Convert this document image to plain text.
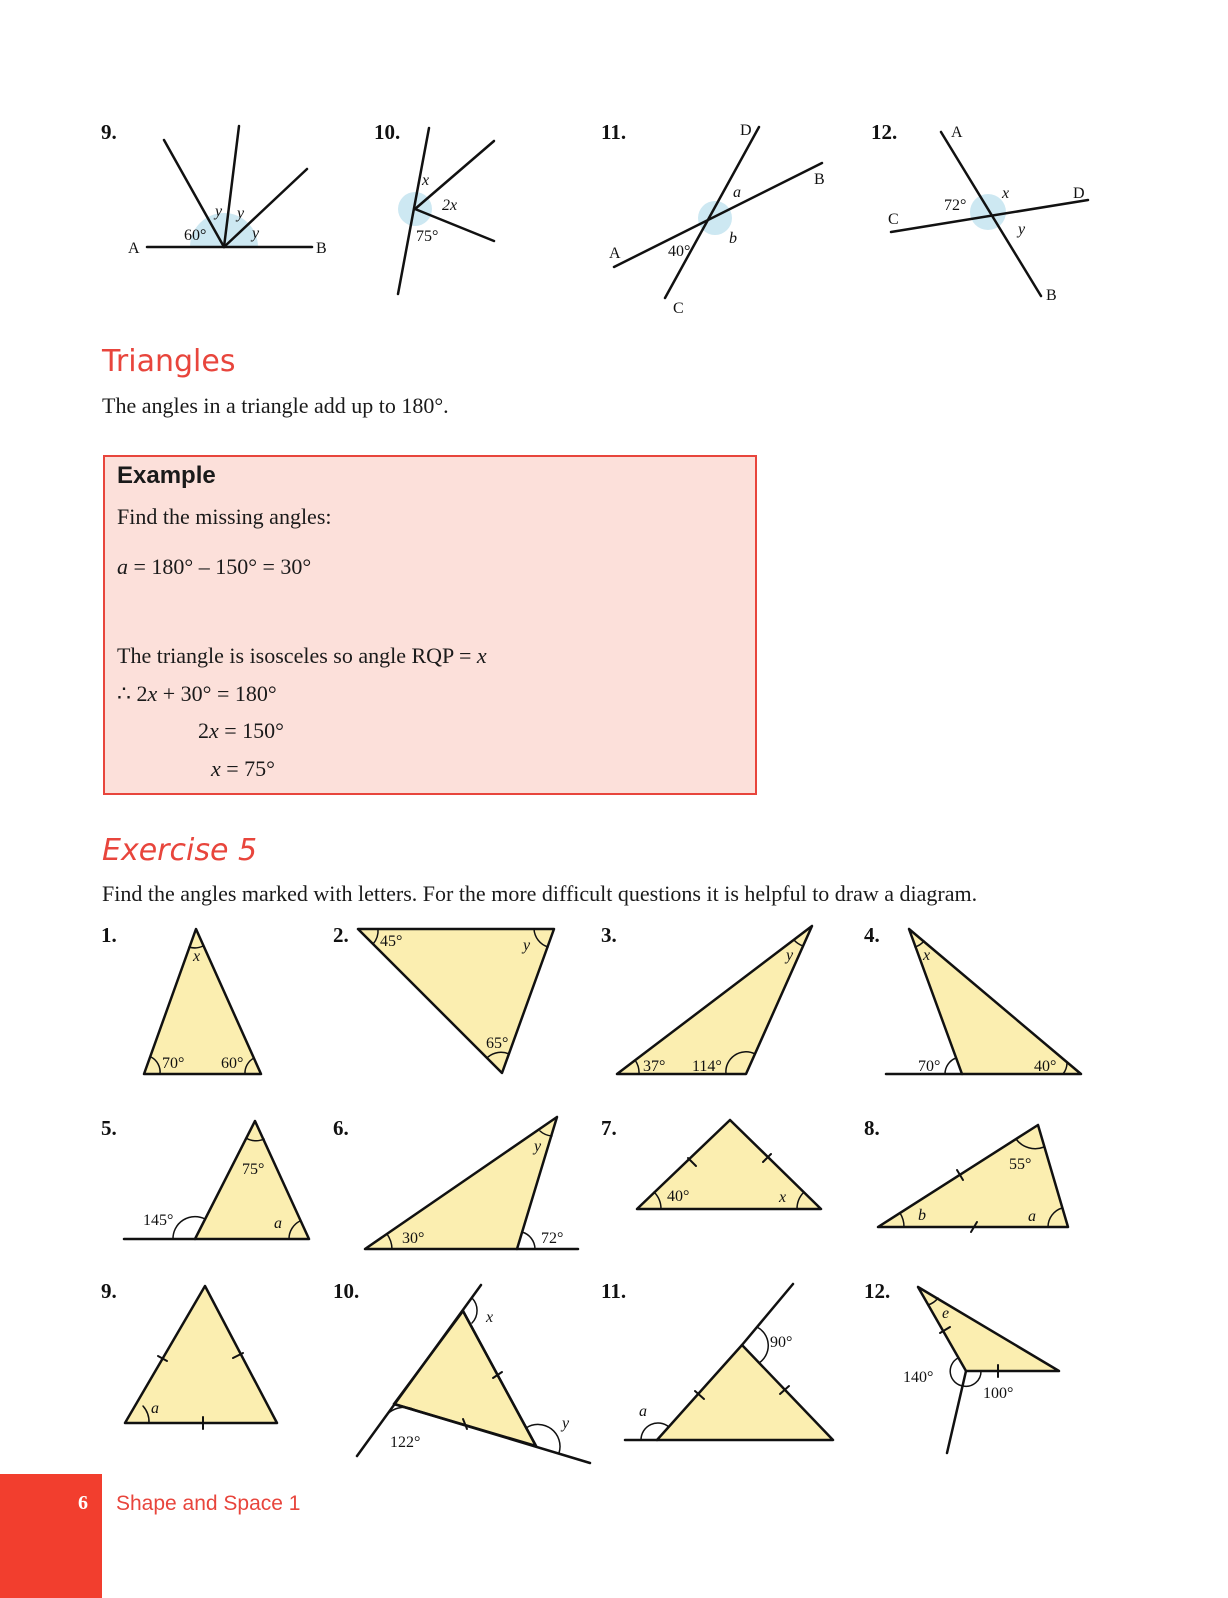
9.
A	B
60°
y y
y
10.
x
2x
75°
11.	D
B
A
C
a
b
40°
12.	A
D
C
B
72°
x
y
1.
x
70° 60°
2. 45°	y
65°
3.
37°
y
114°
4.
x
70°	40°
5.
75°
a
145°
6.
30°
y
72°
7.
40°	x
8.
55°
b	a
9.
a
10.
x
122°
y
11.
90°
a
12.
e
140°
100°
Triangles
The angles in a triangle add up to 180°.
Example
Find the missing angles:
a = 180° – 150° = 30°
The triangle is isosceles so angle RQP = x
∴ 2x + 30° = 180°
2x = 150°
x = 75°
Exercise 5
Find the angles marked with letters. For the more difficult questions it is helpful to draw a diagram.
6	Shape and Space 1
